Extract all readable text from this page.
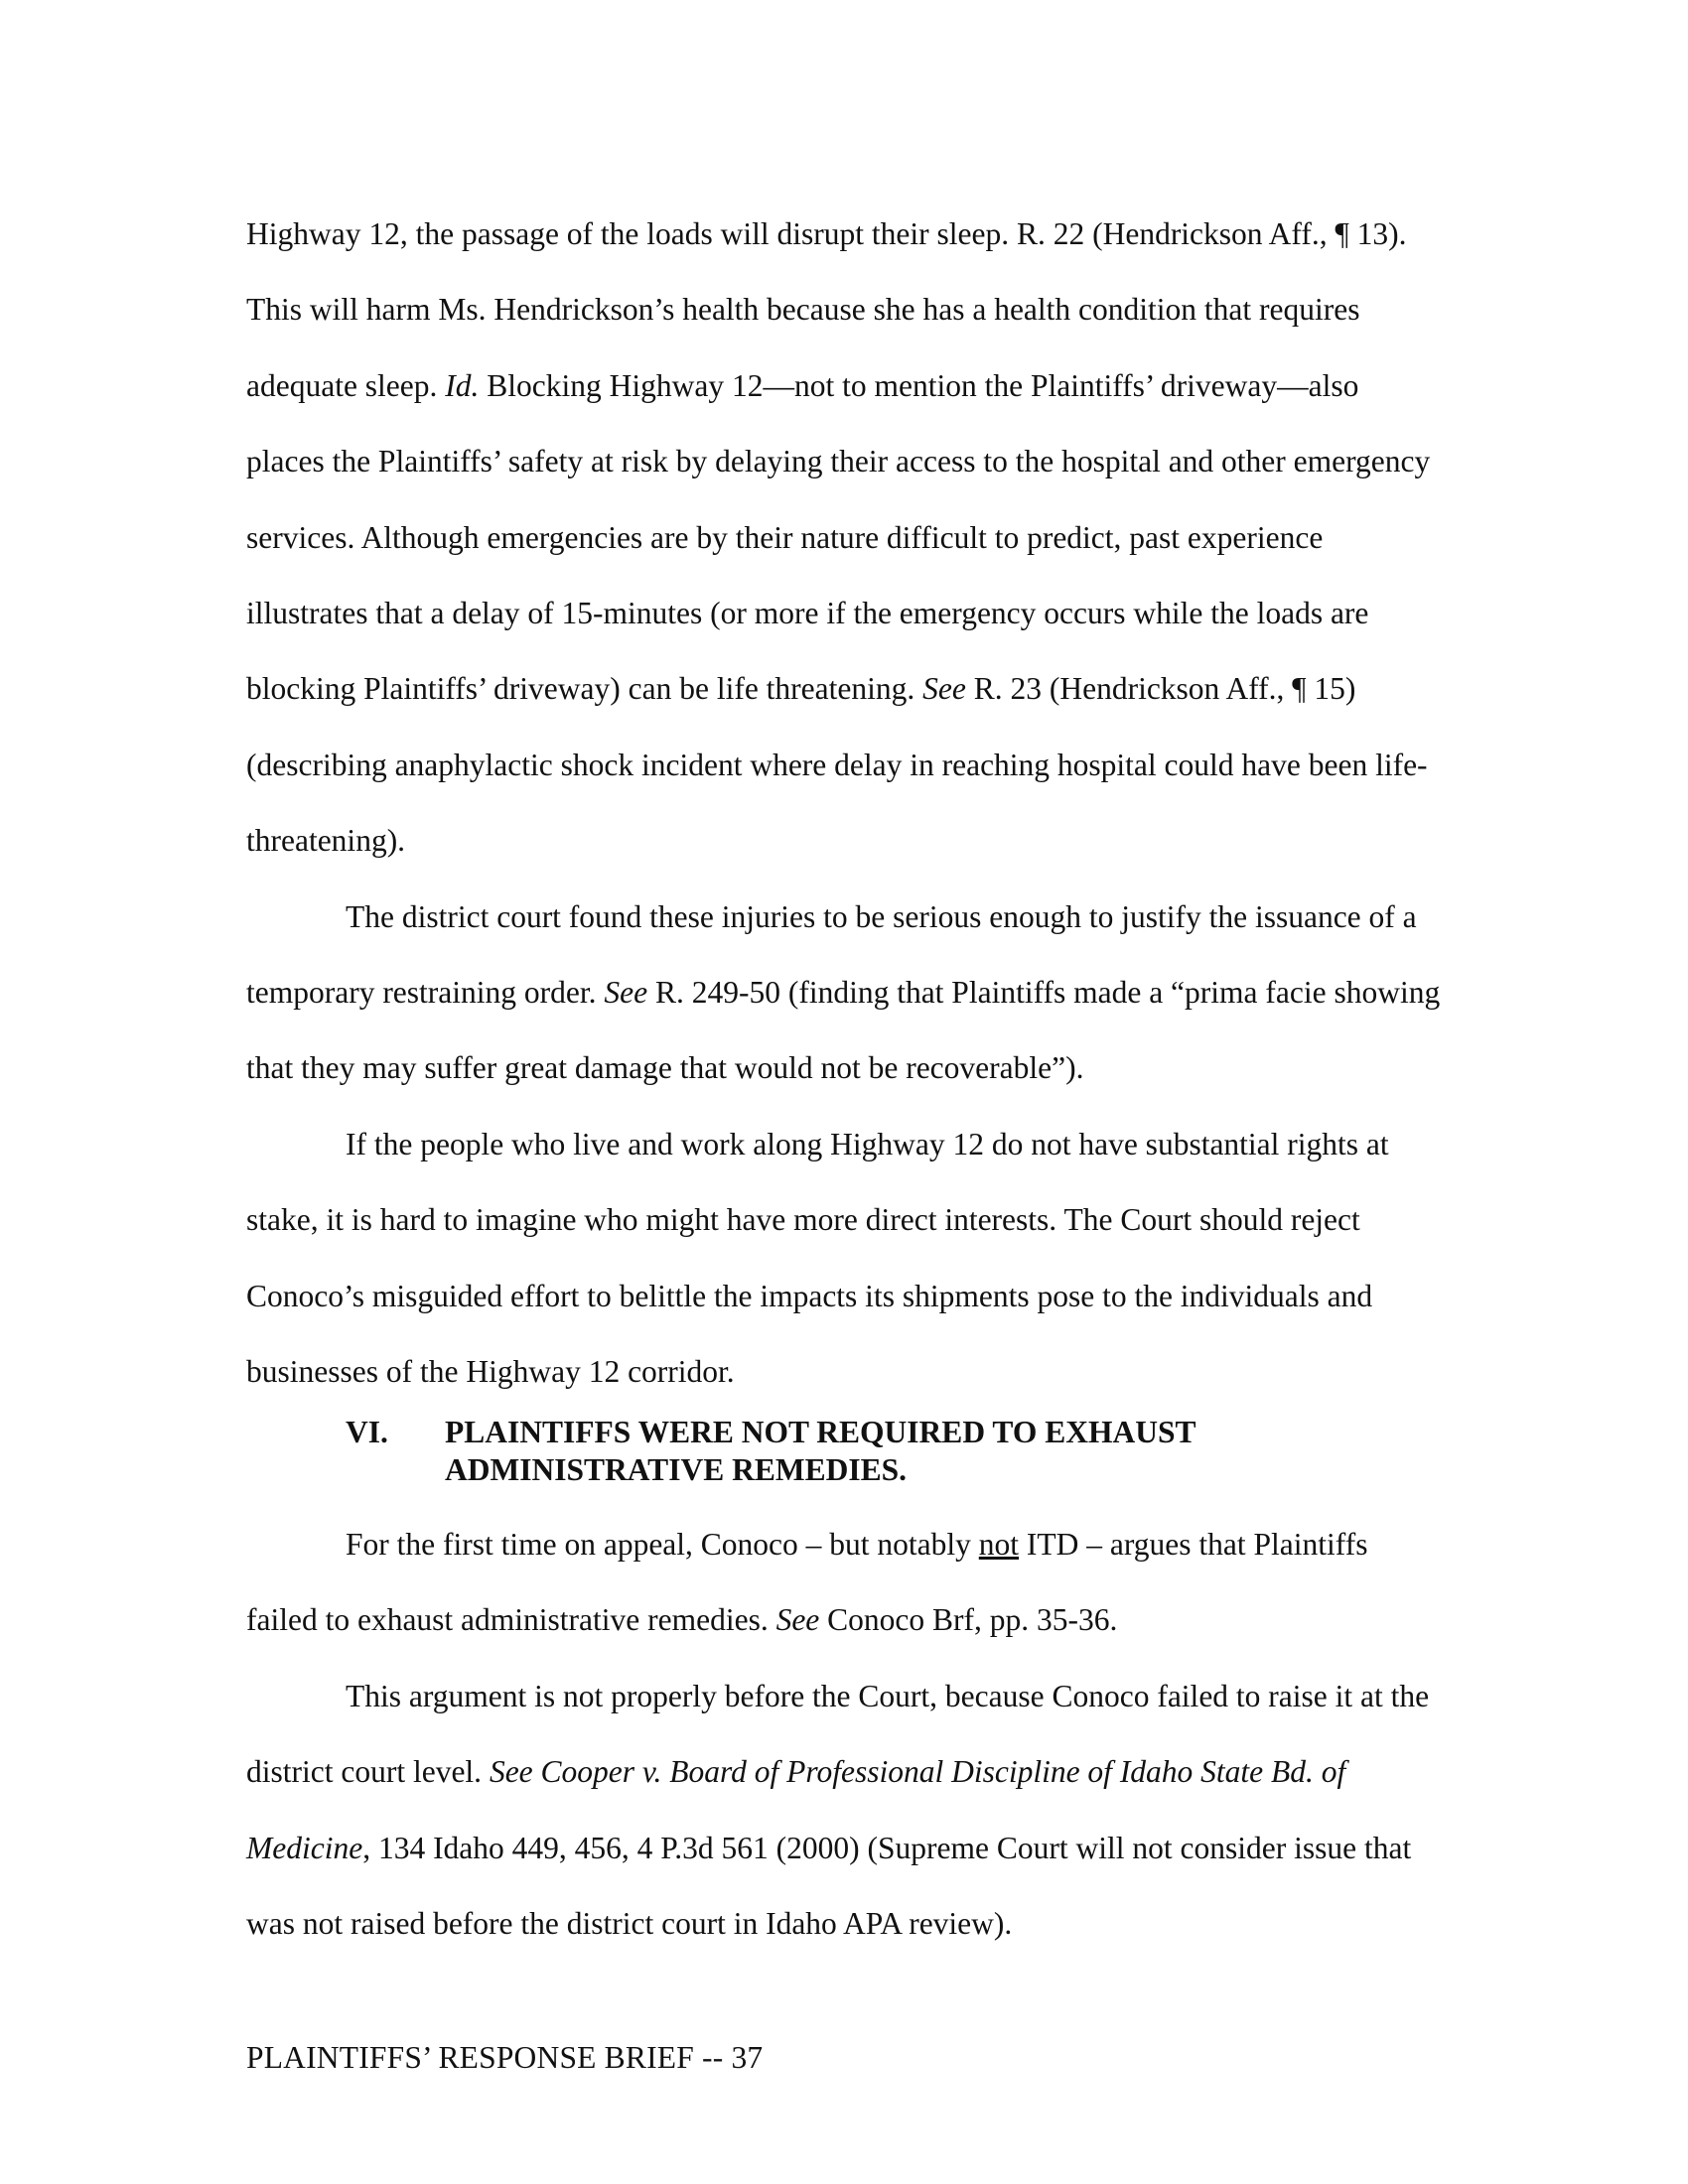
Highway 12, the passage of the loads will disrupt their sleep. R. 22 (Hendrickson Aff., ¶ 13). This will harm Ms. Hendrickson’s health because she has a health condition that requires adequate sleep. Id. Blocking Highway 12—not to mention the Plaintiffs’ driveway—also places the Plaintiffs’ safety at risk by delaying their access to the hospital and other emergency services. Although emergencies are by their nature difficult to predict, past experience illustrates that a delay of 15-minutes (or more if the emergency occurs while the loads are blocking Plaintiffs’ driveway) can be life threatening. See R. 23 (Hendrickson Aff., ¶ 15) (describing anaphylactic shock incident where delay in reaching hospital could have been life-threatening).

The district court found these injuries to be serious enough to justify the issuance of a temporary restraining order. See R. 249-50 (finding that Plaintiffs made a “prima facie showing that they may suffer great damage that would not be recoverable”).

If the people who live and work along Highway 12 do not have substantial rights at stake, it is hard to imagine who might have more direct interests. The Court should reject Conoco’s misguided effort to belittle the impacts its shipments pose to the individuals and businesses of the Highway 12 corridor.

VI. PLAINTIFFS WERE NOT REQUIRED TO EXHAUST
ADMINISTRATIVE REMEDIES.

For the first time on appeal, Conoco – but notably not ITD – argues that Plaintiffs failed to exhaust administrative remedies. See Conoco Brf, pp. 35-36.

This argument is not properly before the Court, because Conoco failed to raise it at the district court level. See Cooper v. Board of Professional Discipline of Idaho State Bd. of Medicine, 134 Idaho 449, 456, 4 P.3d 561 (2000) (Supreme Court will not consider issue that was not raised before the district court in Idaho APA review).

PLAINTIFFS’ RESPONSE BRIEF -- 37
